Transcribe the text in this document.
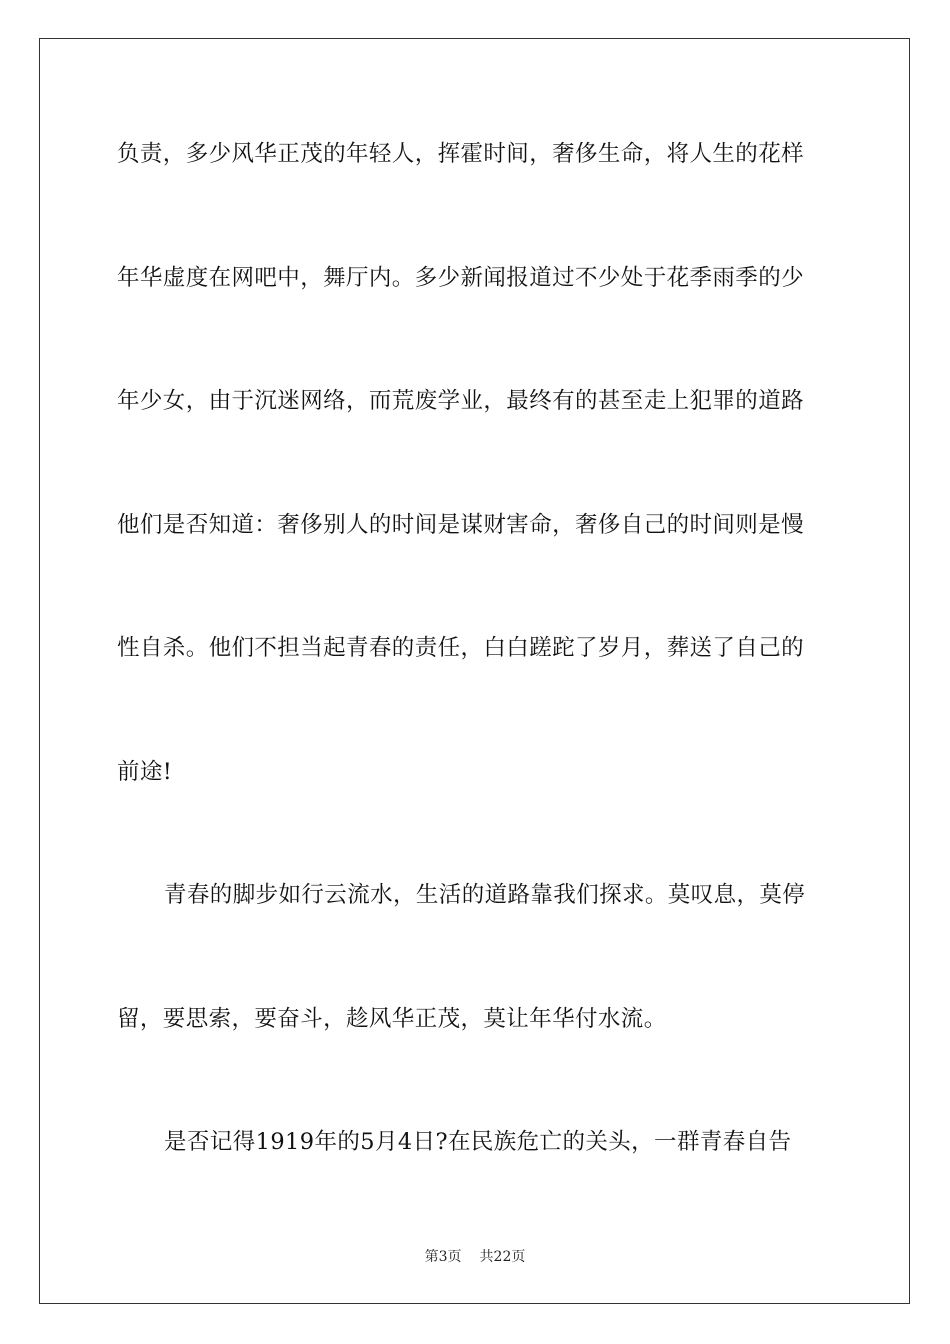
负责，多少风华正茂的年轻人，挥霍时间，奢侈生命，将人生的花样
年华虚度在网吧中，舞厅内。多少新闻报道过不少处于花季雨季的少
年少女，由于沉迷网络，而荒废学业，最终有的甚至走上犯罪的道路
他们是否知道：奢侈别人的时间是谋财害命，奢侈自己的时间则是慢
性自杀。他们不担当起青春的责任，白白蹉跎了岁月，葬送了自己的
前途!
青春的脚步如行云流水，生活的道路靠我们探求。莫叹息，莫停
留，要思索，要奋斗，趁风华正茂，莫让年华付水流。
是否记得1919年的5月4日?在民族危亡的关头，一群青春自告
第3页 共22页
